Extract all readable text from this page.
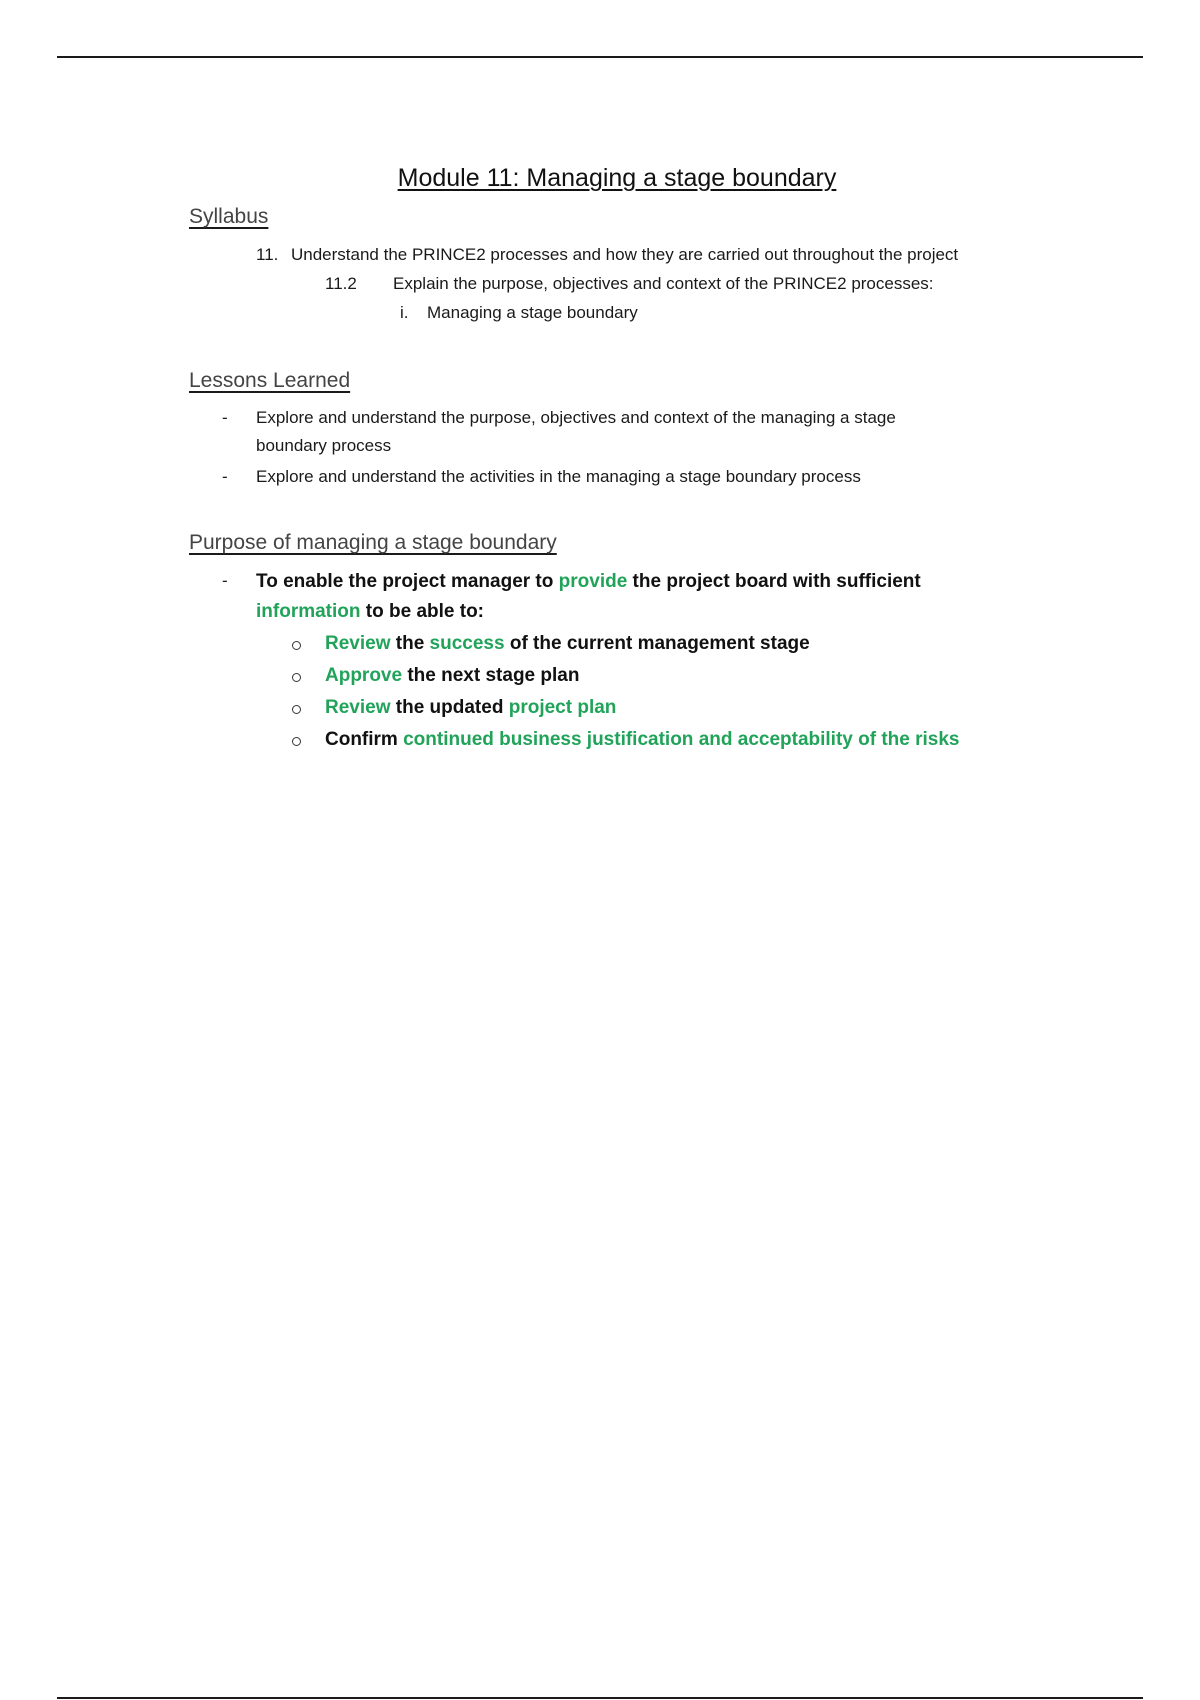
Module 11: Managing a stage boundary
Syllabus
11. Understand the PRINCE2 processes and how they are carried out throughout the project
11.2 Explain the purpose, objectives and context of the PRINCE2 processes:
i. Managing a stage boundary
Lessons Learned
- Explore and understand the purpose, objectives and context of the managing a stage
boundary process
- Explore and understand the activities in the managing a stage boundary process
Purpose of managing a stage boundary
- To enable the project manager to provide the project board with sufficient
information to be able to:
Review the success of the current management stage
Approve the next stage plan
Review the updated project plan
Confirm continued business justification and acceptability of the risks
